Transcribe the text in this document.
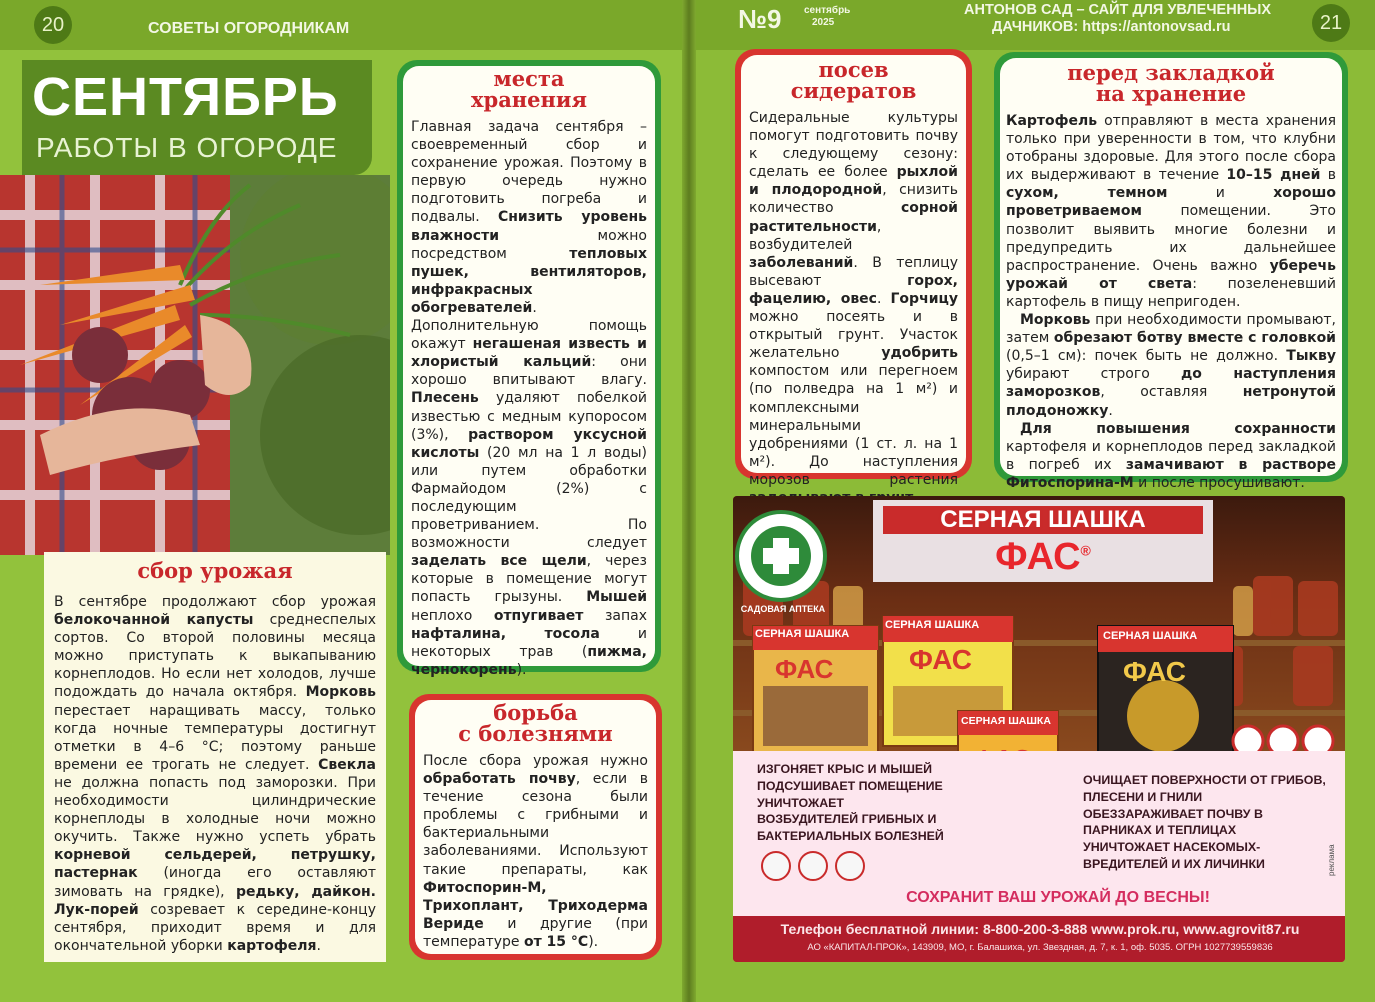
20	СОВЕТЫ ОГОРОДНИКАМ
СЕНТЯБРЬ
РАБОТЫ В ОГОРОДЕ
сбор урожая
В сентябре продолжают сбор урожая белокочанной капусты среднеспелых сортов. Со второй половины месяца можно приступать к выкапыванию корнеплодов. Но если нет холодов, лучше подождать до начала октября. Морковь перестает наращивать массу, только когда ночные температуры достигнут отметки в 4–6 °C; поэтому раньше времени ее трогать не следует. Свекла не должна попасть под заморозки. При необходимости цилиндрические корнеплоды в холодные ночи можно окучить. Также нужно успеть убрать корневой сельдерей, петрушку, пастернак (иногда его оставляют зимовать на грядке), редьку, дайкон. Лук-порей созревает к середине-концу сентября, приходит время и для окончательной уборки картофеля.
места
хранения
Главная задача сентября – своевременный сбор и сохранение урожая. Поэтому в первую очередь нужно подготовить погреба и подвалы. Снизить уровень влажности можно посредством тепловых пушек, вентиляторов, инфракрасных обогревателей. Дополнительную помощь окажут негашеная известь и хлористый кальций: они хорошо впитывают влагу. Плесень удаляют побелкой известью с медным купоросом (3%), раствором уксусной кислоты (20 мл на 1 л воды) или путем обработки Фармайодом (2%) с последующим проветриванием. По возможности следует заделать все щели, через которые в помещение могут попасть грызуны. Мышей неплохо отпугивает запах нафталина, тосола и некоторых трав (пижма, чернокорень).
борьба
с болезнями
После сбора урожая нужно обработать почву, если в течение сезона были проблемы с грибными и бактериальными заболеваниями. Используют такие препараты, как Фитоспорин-М, Трихоплант, Триходерма Вериде и другие (при температуре от 15 °C).
№9 сентябрь
2025
АНТОНОВ САД – САЙТ ДЛЯ УВЛЕЧЕННЫХ
ДАЧНИКОВ: https://antonovsad.ru	21
посев
сидератов
Сидеральные культуры помогут подготовить почву к следующему сезону: сделать ее более рыхлой и плодородной, снизить количество сорной растительности, возбудителей заболеваний. В теплицу высевают горох, фацелию, овес. Горчицу можно посеять и в открытый грунт. Участок желательно удобрить компостом или перегноем (по полведра на 1 м²) и комплексными минеральными удобрениями (1 ст. л. на 1 м²). До наступления морозов растения
перед закладкой
на хранение

Картофель отправляют в места хранения только при уверенности в том, что клубни отобраны здоровые. Для этого после сбора их выдерживают в течение 10–15 дней в сухом, темном и хорошо проветриваемом помещении. Это позволит выявить многие болезни и предупредить их дальнейшее распространение. Очень важно уберечь урожай от света: позеленевший картофель в пищу непригоден.

Морковь при необходимости промывают, затем обрезают ботву вместе с головкой (0,5–1 см): почек быть не должно. Тыкву убирают строго до наступления заморозков, оставляя нетронутой плодоножку.

Для повышения сохранности картофеля и корнеплодов перед закладкой в погреб их замачивают в растворе Фитоспорина-М и после просушивают.

СЕРНАЯ ШАШКА
ФАС®
САДОВАЯ АПТЕКА
СЕРНАЯ ШАШКА
ФАС
СЕРНАЯ ШАШКА
ФАС
СЕРНАЯ ШАШКА
ФАС
СЕРНАЯ ШАШКА
ИЗГОНЯЕТ КРЫС И МЫШЕЙ
ПОДСУШИВАЕТ ПОМЕЩЕНИЕ
УНИЧТОЖАЕТ ВОЗБУДИТЕЛЕЙ ГРИБНЫХ И БАКТЕРИАЛЬНЫХ БОЛЕЗНЕЙ
ОЧИЩАЕТ ПОВЕРХНОСТИ ОТ ГРИБОВ, ПЛЕСЕНИ И ГНИЛИ
ОБЕЗЗАРАЖИВАЕТ ПОЧВУ В ПАРНИКАХ И ТЕПЛИЦАХ
УНИЧТОЖАЕТ НАСЕКОМЫХ-ВРЕДИТЕЛЕЙ И ИХ ЛИЧИНКИ
СОХРАНИТ ВАШ УРОЖАЙ ДО ВЕСНЫ!
реклама
Телефон бесплатной линии: 8-800-200-3-888 www.prok.ru, www.agrovit87.ru
АО «КАПИТАЛ-ПРОК», 143909, МО, г. Балашиха, ул. Звездная, д. 7, к. 1, оф. 5035. ОГРН 1027739559836
